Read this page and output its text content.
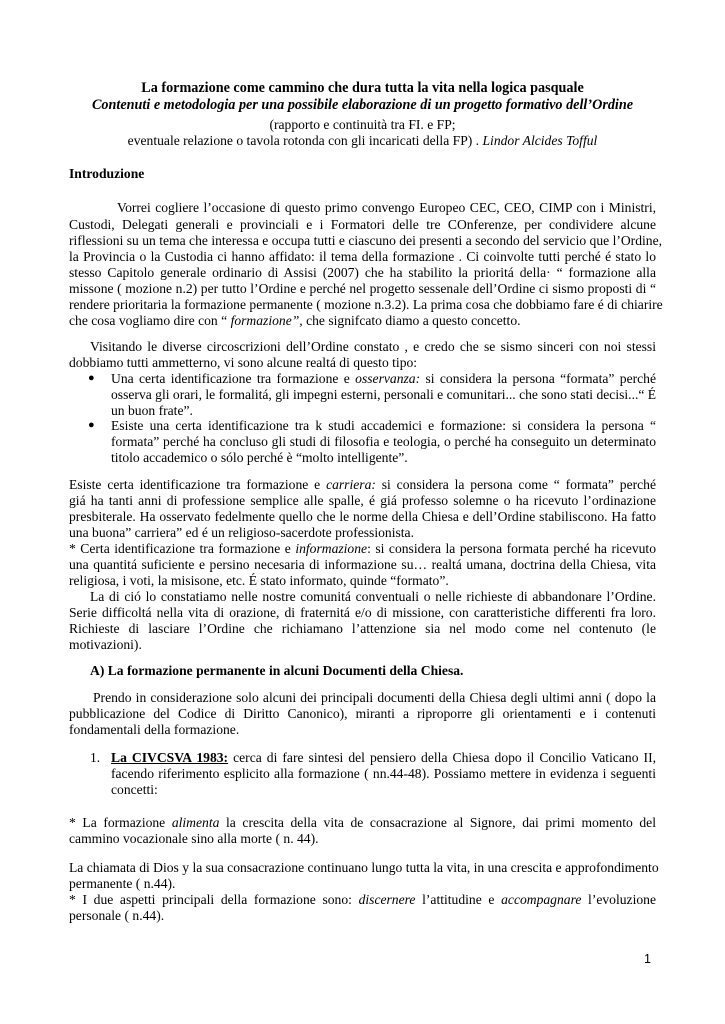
La formazione come cammino che dura tutta la vita nella logica pasquale
Contenuti e metodologia per una possibile elaborazione di un progetto formativo dell’Ordine
(rapporto e continuità tra FI. e FP;
eventuale relazione o tavola rotonda con gli incaricati della FP) . Lindor Alcides Tofful
Introduzione
Vorrei cogliere l’occasione di questo primo convengo Europeo CEC, CEO, CIMP con i Ministri,
Custodi, Delegati generali e provinciali e i Formatori delle tre COnferenze, per condividere alcune
riflessioni su un tema che interessa e occupa tutti e ciascuno dei presenti a secondo del servicio que l’Ordine,
la Provincia o la Custodia ci hanno affidato: il tema della formazione . Ci coinvolte tutti perché é stato lo
stesso Capitolo generale ordinario di Assisi (2007) che ha stabilito la prioritá della· “ formazione alla
missone ( mozione n.2) per tutto l’Ordine e perché nel progetto sessenale dell’Ordine ci sismo proposti di “
rendere prioritaria la formazione permanente ( mozione n.3.2). La prima cosa che dobbiamo fare é di chiarire
che cosa vogliamo dire con “ formazione”, che signifcato diamo a questo concetto.
Visitando le diverse circoscrizioni dell’Ordine constato , e credo che se sismo sinceri con noi stessi
dobbiamo tutti ammetterno, vi sono alcune realtá di questo tipo:
● Una certa identificazione tra formazione e osservanza: si considera la persona “formata” perché
osserva gli orari, le formalitá, gli impegni esterni, personali e comunitari... che sono stati decisi...“ É
un buon frate”.
● Esiste una certa identificazione tra k studi accademici e formazione: si considera la persona “
formata” perché ha concluso gli studi di filosofia e teologia, o perché ha conseguito un determinato
titolo accademico o sólo perché è “molto intelligente”.
Esiste certa identificazione tra formazione e carriera: si considera la persona come “ formata” perché
giá ha tanti anni di professione semplice alle spalle, é giá professo solemne o ha ricevuto l’ordinazione
presbiterale. Ha osservato fedelmente quello che le norme della Chiesa e dell’Ordine stabiliscono. Ha fatto
una buona” carriera” ed é un religioso-sacerdote professionista.
* Certa identificazione tra formazione e informazione: si considera la persona formata perché ha ricevuto
una quantitá suficiente e persino necesaria di informazione su… realtá umana, doctrina della Chiesa, vita
religiosa, i voti, la misisone, etc. É stato informato, quinde “formato”.
La di ció lo constatiamo nelle nostre comunitá conventuali o nelle richieste di abbandonare l’Ordine.
Serie difficoltá nella vita di orazione, di fraternitá e/o di missione, con caratteristiche differenti fra loro.
Richieste di lasciare l’Ordine che richiamano l’attenzione sia nel modo come nel contenuto (le
motivazioni).
A) La formazione permanente in alcuni Documenti della Chiesa.
Prendo in considerazione solo alcuni dei principali documenti della Chiesa degli ultimi anni ( dopo la
pubblicazione del Codice di Diritto Canonico), miranti a riproporre gli orientamenti e i contenuti
fondamentali della formazione.
1. La CIVCSVA 1983: cerca di fare sintesi del pensiero della Chiesa dopo il Concilio Vaticano II,
facendo riferimento esplicito alla formazione ( nn.44-48). Possiamo mettere in evidenza i seguenti
concetti:
* La formazione alimenta la crescita della vita de consacrazione al Signore, dai primi momento del
cammino vocazionale sino alla morte ( n. 44).
La chiamata di Dios y la sua consacrazione continuano lungo tutta la vita, in una crescita e approfondimento
permanente ( n.44).
* I due aspetti principali della formazione sono: discernere l’attitudine e accompagnare l’evoluzione
personale ( n.44).
1
